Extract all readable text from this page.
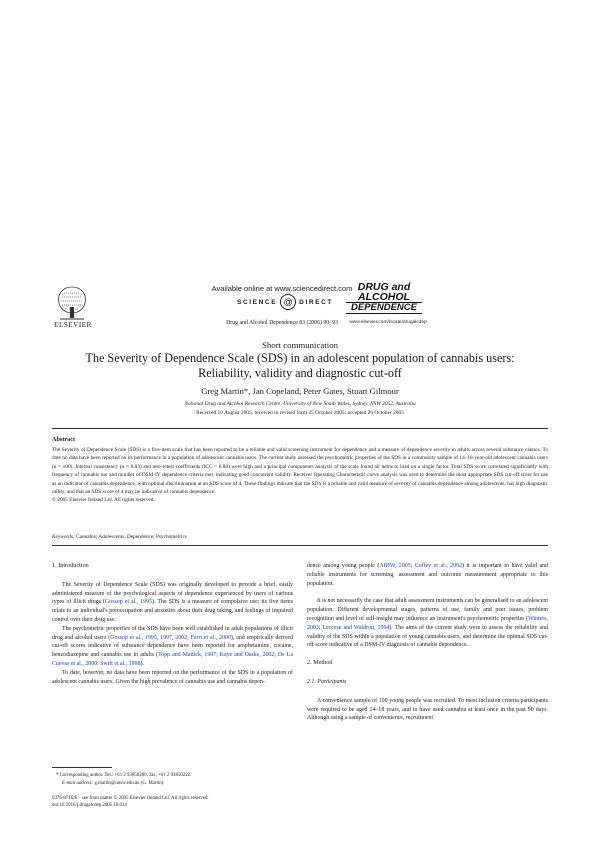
ELSEVIER
Available online at www.sciencedirect.com
SCIENCE @ DIRECT
Drug and Alcohol Dependence 83 (2006) 90–93
DRUG and
ALCOHOL
DEPENDENCE
www.elsevier.com/locate/drugalcdep
Short communication
The Severity of Dependence Scale (SDS) in an adolescent population of cannabis users: Reliability, validity and diagnostic cut-off
Greg Martin*, Jan Copeland, Peter Gates, Stuart Gilmour
National Drug and Alcohol Research Centre, University of New South Wales, Sydney, NSW 2052, Australia
Received 10 August 2005; received in revised form 25 October 2005; accepted 26 October 2005
Abstract
The Severity of Dependence Scale (SDS) is a five-item scale that has been reported to be a reliable and valid screening instrument for dependence and a measure of dependence severity in adults across several substance classes. To date no data have been reported on its performance in a population of adolescent cannabis users. The current study assessed the psychometric properties of the SDS in a community sample of 14–18-year-old adolescent cannabis users (n = 100). Internal consistency (α = 0.83) and test–retest coefficients (ICC = 0.88) were high and a principal components analysis of the scale found all items to load on a single factor. Total SDS score correlated significantly with frequency of cannabis use and number of DSM-IV dependence criteria met, indicating good concurrent validity. Receiver Operating Characteristic curve analysis was used to determine the most appropriate SDS cut-off score for use as an indicator of cannabis dependence, with optimal discrimination at an SDS score of 4. These findings indicate that the SDS is a reliable and valid measure of severity of cannabis dependence among adolescents, has high diagnostic utility, and that an SDS score of 4 may be indicative of cannabis dependence.
© 2005 Elsevier Ireland Ltd. All rights reserved.
Keywords: Cannabis; Adolescents; Dependence; Psychometrics
1. Introduction

The Severity of Dependence Scale (SDS) was originally developed to provide a brief, easily administered measure of the psychological aspects of dependence experienced by users of various types of illicit drugs (Gossop et al., 1995). The SDS is a measure of compulsive use; its five items relate to an individual's preoccupation and anxieties about their drug taking, and feelings of impaired control over their drug use.

The psychometric properties of the SDS have been well established in adult populations of illicit drug and alcohol users (Gossop et al., 1995, 1997, 2002; Ferri et al., 2000), and empirically derived cut-off scores indicative of substance dependence have been reported for amphetamine, cocaine, benzodiazepine and cannabis use in adults (Topp and Mattick, 1997; Kaye and Darke, 2002; De La Cuevas et al., 2000; Swift et al., 1998).

To date, however, no data have been reported on the performance of the SDS in a population of adolescent cannabis users. Given the high prevalence of cannabis use and cannabis depen-

dence among young people (AIHW, 2005; Coffey et al., 2002) it is important to have valid and reliable instruments for screening, assessment and outcome measurement appropriate to this population.

It is not necessarily the case that adult assessment instruments can be generalised to an adolescent population. Different developmental stages, patterns of use, family and peer issues, problem recognition and level of self-insight may influence an instrument's psychometric properties (Winters, 2003; Leccese and Waldron, 1994). The aims of the current study were to assess the reliability and validity of the SDS within a population of young cannabis users, and determine the optimal SDS cut-off score indicative of a DSM-IV diagnosis of cannabis dependence.

2. Method
2.1. Participants

A convenience sample of 100 young people was recruited. To meet inclusion criteria participants were required to be aged 14–18 years, and to have used cannabis at least once in the past 90 days. Although using a sample of convenience, recruitment

* Corresponding author. Tel.: +61 2 93850280; fax: +61 2 93850222.
E-mail address: g.martin@unsw.edu.au (G. Martin).
0376-8716/$ – see front matter © 2005 Elsevier Ireland Ltd. All rights reserved.
doi:10.1016/j.drugalcdep.2005.10.014
